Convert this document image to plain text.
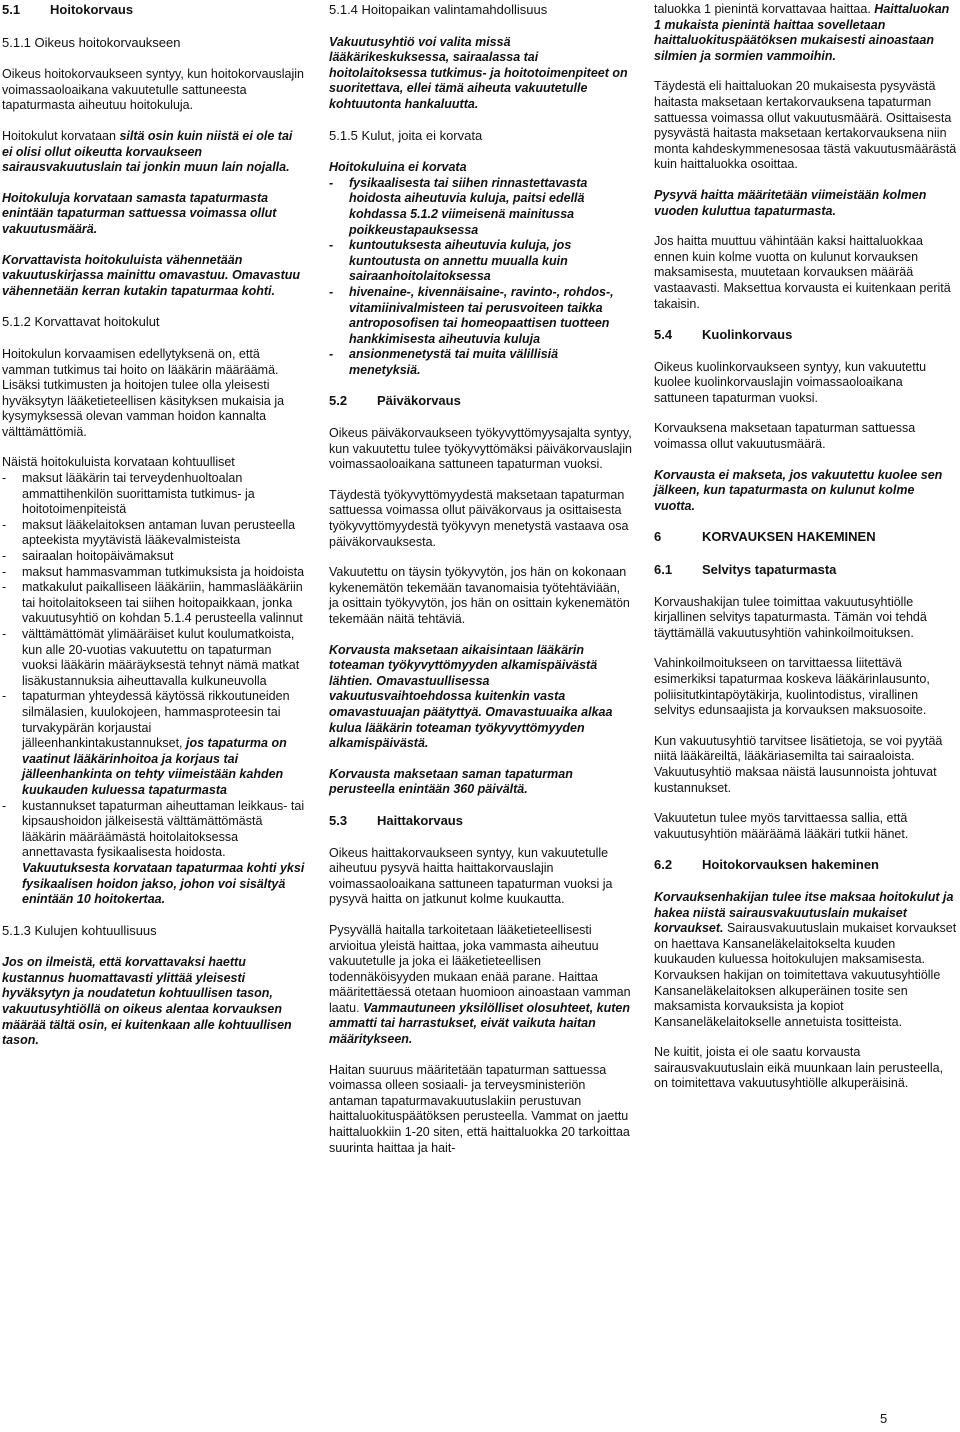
5.1 Hoitokorvaus
5.1.1 Oikeus hoitokorvaukseen
Oikeus hoitokorvaukseen syntyy, kun hoitokorvauslajin voimassaoloaikana vakuutetulle sattuneesta tapaturmasta aiheutuu hoitokuluja.
Hoitokulut korvataan siltä osin kuin niistä ei ole tai ei olisi ollut oikeutta korvaukseen sairausvakuutuslain tai jonkin muun lain nojalla.
Hoitokuluja korvataan samasta tapaturmasta enintään tapaturman sattuessa voimassa ollut vakuutusmäärä.
Korvattavista hoitokuluista vähennetään vakuutuskirjassa mainittu omavastuu. Omavastuu vähennetään kerran kutakin tapaturmaa kohti.
5.1.2 Korvattavat hoitokulut
Hoitokulun korvaamisen edellytyksenä on, että vamman tutkimus tai hoito on lääkärin määräämä. Lisäksi tutkimusten ja hoitojen tulee olla yleisesti hyväksytyn lääketieteellisen käsityksen mukaisia ja kysymyksessä olevan vamman hoidon kannalta välttämättömiä.
Näistä hoitokuluista korvataan kohtuulliset
- maksut lääkärin tai terveydenhuoltoalan ammattihenkilön suorittamista tutkimus- ja hoitotoimenpiteistä
- maksut lääkelaitoksen antaman luvan perusteella apteekista myytävistä lääkevalmisteista
- sairaalan hoitopäivämaksut
- maksut hammasvamman tutkimuksista ja hoidoista
- matkakulut paikalliseen lääkäriin, hammaslääkäriin tai hoitolaitokseen tai siihen hoitopaikkaan, jonka vakuutusyhtiö on kohdan 5.1.4 perusteella valinnut
- välttämättömät ylimääräiset kulut koulumatkoista, kun alle 20-vuotias vakuutettu on tapaturman vuoksi lääkärin määräyksestä tehnyt nämä matkat lisäkustannuksia aiheuttavalla kulkuneuvolla
- tapaturman yhteydessä käytössä rikkoutuneiden silmälasien, kuulokojeen, hammasproteesin tai turvakypärän korjaustai jälleenhankintakustannukset, jos tapaturma on vaatinut lääkärinhoitoa ja korjaus tai jälleenhankinta on tehty viimeistään kahden kuukauden kuluessa tapaturmasta
- kustannukset tapaturman aiheuttaman leikkaus- tai kipsaushoidon jälkeisestä välttämättömästä lääkärin määräämästä hoitolaitoksessa annettavasta fysikaalisesta hoidosta. Vakuutuksesta korvataan tapaturmaa kohti yksi fysikaalisen hoidon jakso, johon voi sisältyä enintään 10 hoitokertaa.
5.1.3 Kulujen kohtuullisuus
Jos on ilmeistä, että korvattavaksi haettu kustannus huomattavasti ylittää yleisesti hyväksytyn ja noudatetun kohtuullisen tason, vakuutusyhtiöllä on oikeus alentaa korvauksen määrää tältä osin, ei kuitenkaan alle kohtuullisen tason.
5.1.4 Hoitopaikan valintamahdollisuus
Vakuutusyhtiö voi valita missä lääkärikeskuksessa, sairaalassa tai hoitolaitoksessa tutkimus- ja hoitotoimenpiteet on suoritettava, ellei tämä aiheuta vakuutetulle kohtuutonta hankaluutta.
5.1.5 Kulut, joita ei korvata
Hoitokuluina ei korvata
- fysikaalisesta tai siihen rinnastettavasta hoidosta aiheutuvia kuluja, paitsi edellä kohdassa 5.1.2 viimeisenä mainitussa poikkeustapauksessa
- kuntoutuksesta aiheutuvia kuluja, jos kuntoutusta on annettu muualla kuin sairaanhoitolaitoksessa
- hivenaine-, kivennäisaine-, ravinto-, rohdos-, vitamiinivalmisteen tai perusvoiteen taikka antroposofisen tai homeopaattisen tuotteen hankkimisesta aiheutuvia kuluja
- ansionmenetystä tai muita välillisiä menetyksiä.
5.2 Päiväkorvaus
Oikeus päiväkorvaukseen työkyvyttömyysajalta syntyy, kun vakuutettu tulee työkyvyttömäksi päiväkorvauslajin voimassaoloaikana sattuneen tapaturman vuoksi.
Täydestä työkyvyttömyydestä maksetaan tapaturman sattuessa voimassa ollut päiväkorvaus ja osittaisesta työkyvyttömyydestä työkyvyn menetystä vastaava osa päiväkorvauksesta.
Vakuutettu on täysin työkyvytön, jos hän on kokonaan kykenemätön tekemään tavanomaisia työtehtäviään, ja osittain työkyvytön, jos hän on osittain kykenemätön tekemään näitä tehtäviä.
Korvausta maksetaan aikaisintaan lääkärin toteaman työkyvyttömyyden alkamispäivästä lähtien. Omavastuullisessa vakuutusvaihtoehdossa kuitenkin vasta omavastuuajan päätyttyä. Omavastuuaika alkaa kulua lääkärin toteaman työkyvyttömyyden alkamispäivästä.
Korvausta maksetaan saman tapaturman perusteella enintään 360 päivältä.
5.3 Haittakorvaus
Oikeus haittakorvaukseen syntyy, kun vakuutetulle aiheutuu pysyvä haitta haittakorvauslajin voimassaoloaikana sattuneen tapaturman vuoksi ja pysyvä haitta on jatkunut kolme kuukautta.
Pysyvällä haitalla tarkoitetaan lääketieteellisesti arvioitua yleistä haittaa, joka vammasta aiheutuu vakuutetulle ja joka ei lääketieteellisen todennäköisyyden mukaan enää parane. Haittaa määritettäessä otetaan huomioon ainoastaan vamman laatu. Vammautuneen yksilölliset olosuhteet, kuten ammatti tai harrastukset, eivät vaikuta haitan määritykseen.
Haitan suuruus määritetään tapaturman sattuessa voimassa olleen sosiaali- ja terveysministeriön antaman tapaturmavakuutuslakiin perustuvan haittaluokituspäätöksen perusteella. Vammat on jaettu haittaluokkiin 1-20 siten, että haittaluokka 20 tarkoittaa suurinta haittaa ja hait-
taluokka 1 pienintä korvattavaa haittaa. Haittaluokan 1 mukaista pienintä haittaa sovelletaan haittaluokituspäätöksen mukaisesti ainoastaan silmien ja sormien vammoihin.
Täydestä eli haittaluokan 20 mukaisesta pysyvästä haitasta maksetaan kertakorvauksena tapaturman sattuessa voimassa ollut vakuutusmäärä. Osittaisesta pysyvästä haitasta maksetaan kertakorvauksena niin monta kahdeskymmenesosaa tästä vakuutusmäärästä kuin haittaluokka osoittaa.
Pysyvä haitta määritetään viimeistään kolmen vuoden kuluttua tapaturmasta.
Jos haitta muuttuu vähintään kaksi haittaluokkaa ennen kuin kolme vuotta on kulunut korvauksen maksamisesta, muutetaan korvauksen määrää vastaavasti. Maksettua korvausta ei kuitenkaan peritä takaisin.
5.4 Kuolinkorvaus
Oikeus kuolinkorvaukseen syntyy, kun vakuutettu kuolee kuolinkorvauslajin voimassaoloaikana sattuneen tapaturman vuoksi.
Korvauksena maksetaan tapaturman sattuessa voimassa ollut vakuutusmäärä.
Korvausta ei makseta, jos vakuutettu kuolee sen jälkeen, kun tapaturmasta on kulunut kolme vuotta.
6	KORVAUKSEN HAKEMINEN
6.1 Selvitys tapaturmasta
Korvaushakijan tulee toimittaa vakuutusyhtiölle kirjallinen selvitys tapaturmasta. Tämän voi tehdä täyttämällä vakuutusyhtiön vahinkoilmoituksen.
Vahinkoilmoitukseen on tarvittaessa liitettävä esimerkiksi tapaturmaa koskeva lääkärinlausunto, poliisitutkintapöytäkirja, kuolintodistus, virallinen selvitys edunsaajista ja korvauksen maksuosoite.
Kun vakuutusyhtiö tarvitsee lisätietoja, se voi pyytää niitä lääkäreiltä, lääkäriasemilta tai sairaaloista. Vakuutusyhtiö maksaa näistä lausunnoista johtuvat kustannukset.
Vakuutetun tulee myös tarvittaessa sallia, että vakuutusyhtiön määräämä lääkäri tutkii hänet.
6.2 Hoitokorvauksen hakeminen
Korvauksenhakijan tulee itse maksaa hoitokulut ja hakea niistä sairausvakuutuslain mukaiset korvaukset. Sairausvakuutuslain mukaiset korvaukset on haettava Kansaneläkelaitokselta kuuden kuukauden kuluessa hoitokulujen maksamisesta. Korvauksen hakijan on toimitettava vakuutusyhtiölle Kansaneläkelaitoksen alkuperäinen tosite sen maksamista korvauksista ja kopiot Kansaneläkelaitokselle annetuista tositteista.
Ne kuitit, joista ei ole saatu korvausta sairausvakuutuslain eikä muunkaan lain perusteella, on toimitettava vakuutusyhtiölle alkuperäisinä.
5
